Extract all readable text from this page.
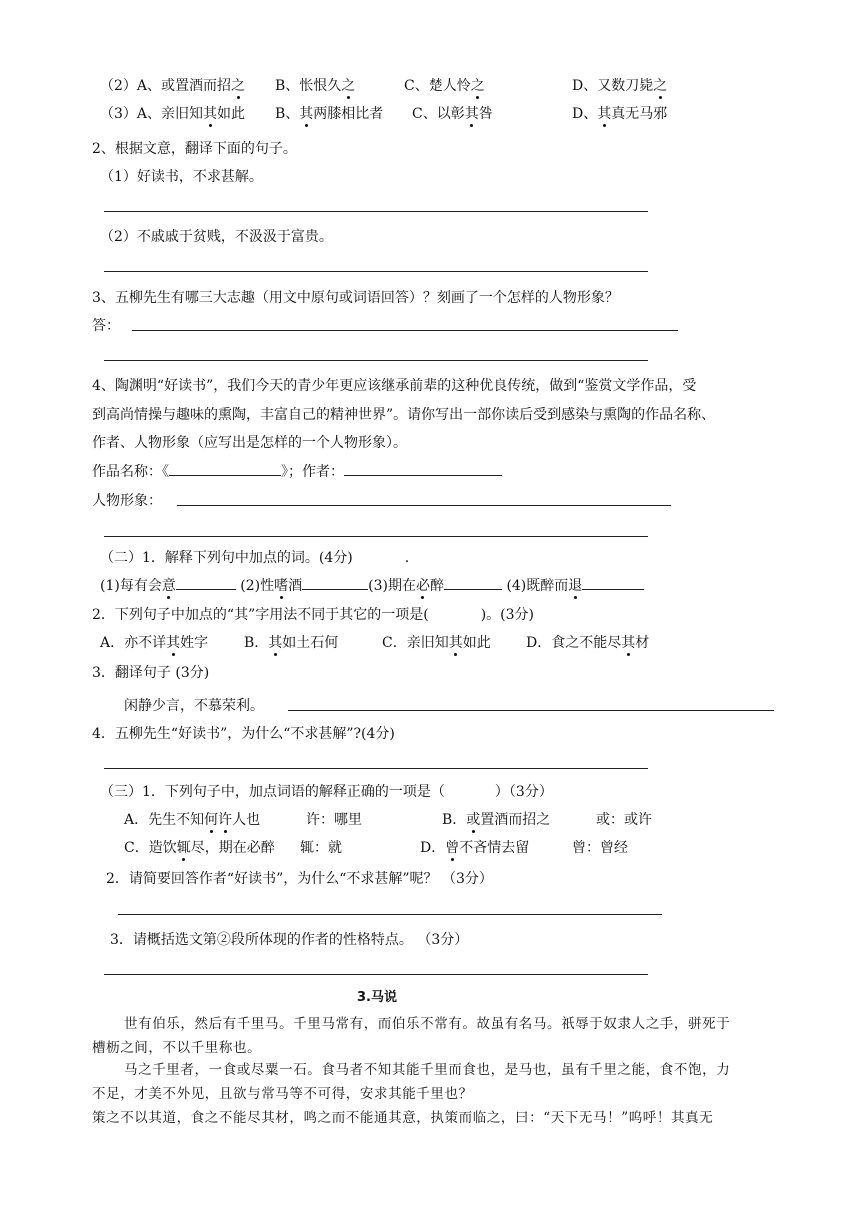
（2）A、或置酒而招之 B、怅恨久之	C、楚人怜之	D、又数刀毙之
（3）A、亲旧知其如此 B、其两膝相比者 C、以彰其咎	D、其真无马邪
2、根据文意，翻译下面的句子。
（1）好读书，不求甚解。
（2）不戚戚于贫贱，不汲汲于富贵。
3、五柳先生有哪三大志趣（用文中原句或词语回答）？刻画了一个怎样的人物形象？
答：
4、陶渊明“好读书”，我们今天的青少年更应该继承前辈的这种优良传统，做到“鉴赏文学作品，受
到高尚情操与趣味的熏陶，丰富自己的精神世界”。请你写出一部你读后受到感染与熏陶的作品名称、
作者、人物形象（应写出是怎样的一个人物形象）。
作品名称：《	》；作者：
人物形象：
（二）1．解释下列句中加点的词。(4分)	.
(1)每有会意	(2)性嗜酒	(3)期在必醉	(4)既醉而退
2．下列句子中加点的“其”字用法不同于其它的一项是(	)。(3分)
A．亦不详其姓字	B．其如土石何	C．亲旧知其如此	D．食之不能尽其材
3．翻译句子 (3分)
闲静少言，不慕荣利。
4．五柳先生“好读书”，为什么“不求甚解”?(4分)
（三）1．下列句子中，加点词语的解释正确的一项是（	）（3分）
A．先生不知何许人也	许：哪里	B．或置酒而招之	或：或许
C．造饮辄尽，期在必醉 辄：就	D．曾不吝情去留	曾：曾经
2．请简要回答作者“好读书”，为什么“不求甚解”呢？ （3分）
3．请概括选文第②段所体现的作者的性格特点。 （3分）
3.马说
世有伯乐，然后有千里马。千里马常有，而伯乐不常有。故虽有名马。祇辱于奴隶人之手，骈死于
槽枥之间，不以千里称也。
马之千里者，一食或尽粟一石。食马者不知其能千里而食也，是马也，虽有千里之能，食不饱，力
不足，才美不外见，且欲与常马等不可得，安求其能千里也？
策之不以其道，食之不能尽其材，鸣之而不能通其意，执策而临之，曰：“天下无马！”呜呼！其真无
